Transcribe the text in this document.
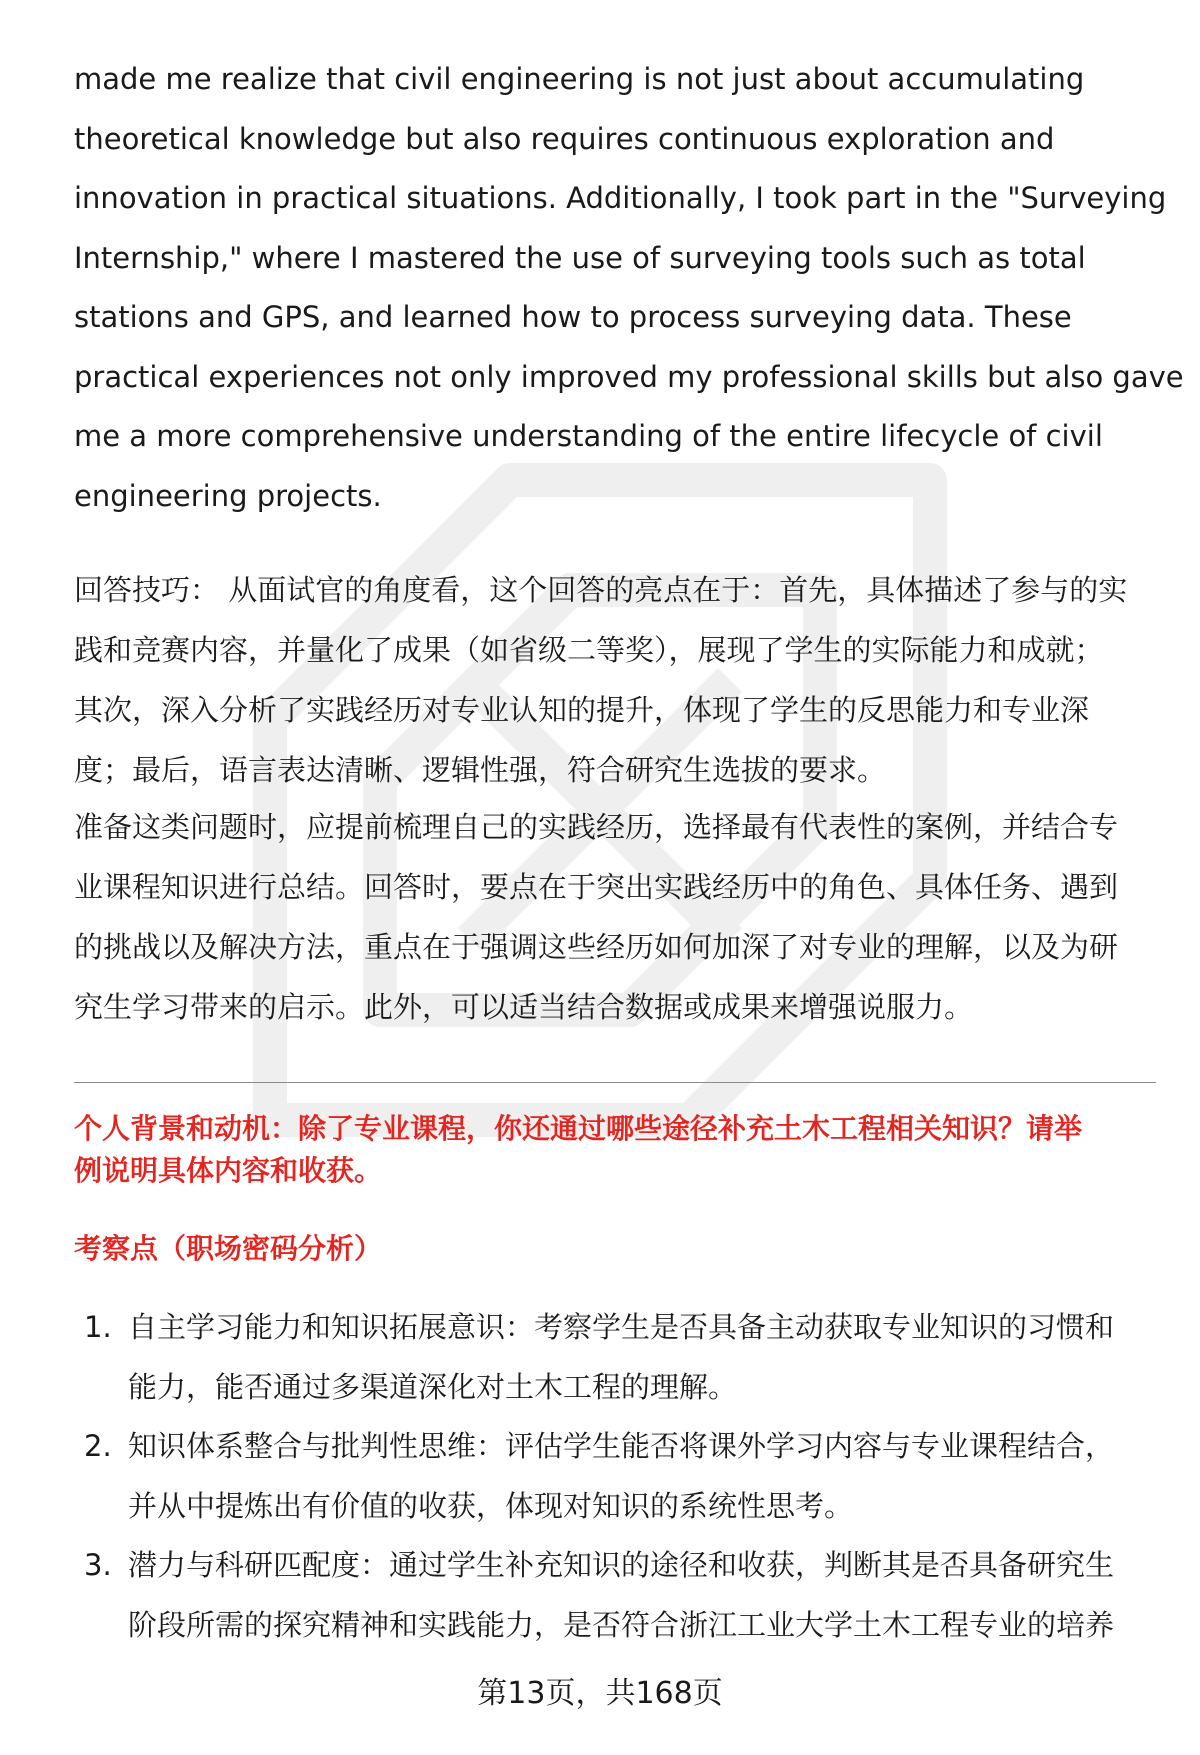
made me realize that civil engineering is not just about accumulating
theoretical knowledge but also requires continuous exploration and
innovation in practical situations. Additionally, I took part in the "Surveying
Internship," where I mastered the use of surveying tools such as total
stations and GPS, and learned how to process surveying data. These
practical experiences not only improved my professional skills but also gave
me a more comprehensive understanding of the entire lifecycle of civil
engineering projects.

回答技巧： 从面试官的角度看，这个回答的亮点在于：首先，具体描述了参与的实
践和竞赛内容，并量化了成果（如省级二等奖），展现了学生的实际能力和成就；
其次，深入分析了实践经历对专业认知的提升，体现了学生的反思能力和专业深
度；最后，语言表达清晰、逻辑性强，符合研究生选拔的要求。

准备这类问题时，应提前梳理自己的实践经历，选择最有代表性的案例，并结合专
业课程知识进行总结。回答时，要点在于突出实践经历中的角色、具体任务、遇到
的挑战以及解决方法，重点在于强调这些经历如何加深了对专业的理解，以及为研
究生学习带来的启示。此外，可以适当结合数据或成果来增强说服力。

个人背景和动机：除了专业课程，你还通过哪些途径补充土木工程相关知识？请举
例说明具体内容和收获。
考察点（职场密码分析）
1. 自主学习能力和知识拓展意识：考察学生是否具备主动获取专业知识的习惯和
能力，能否通过多渠道深化对土木工程的理解。
2. 知识体系整合与批判性思维：评估学生能否将课外学习内容与专业课程结合，
并从中提炼出有价值的收获，体现对知识的系统性思考。
3. 潜力与科研匹配度：通过学生补充知识的途径和收获，判断其是否具备研究生
阶段所需的探究精神和实践能力，是否符合浙江工业大学土木工程专业的培养
第13页，共168页
